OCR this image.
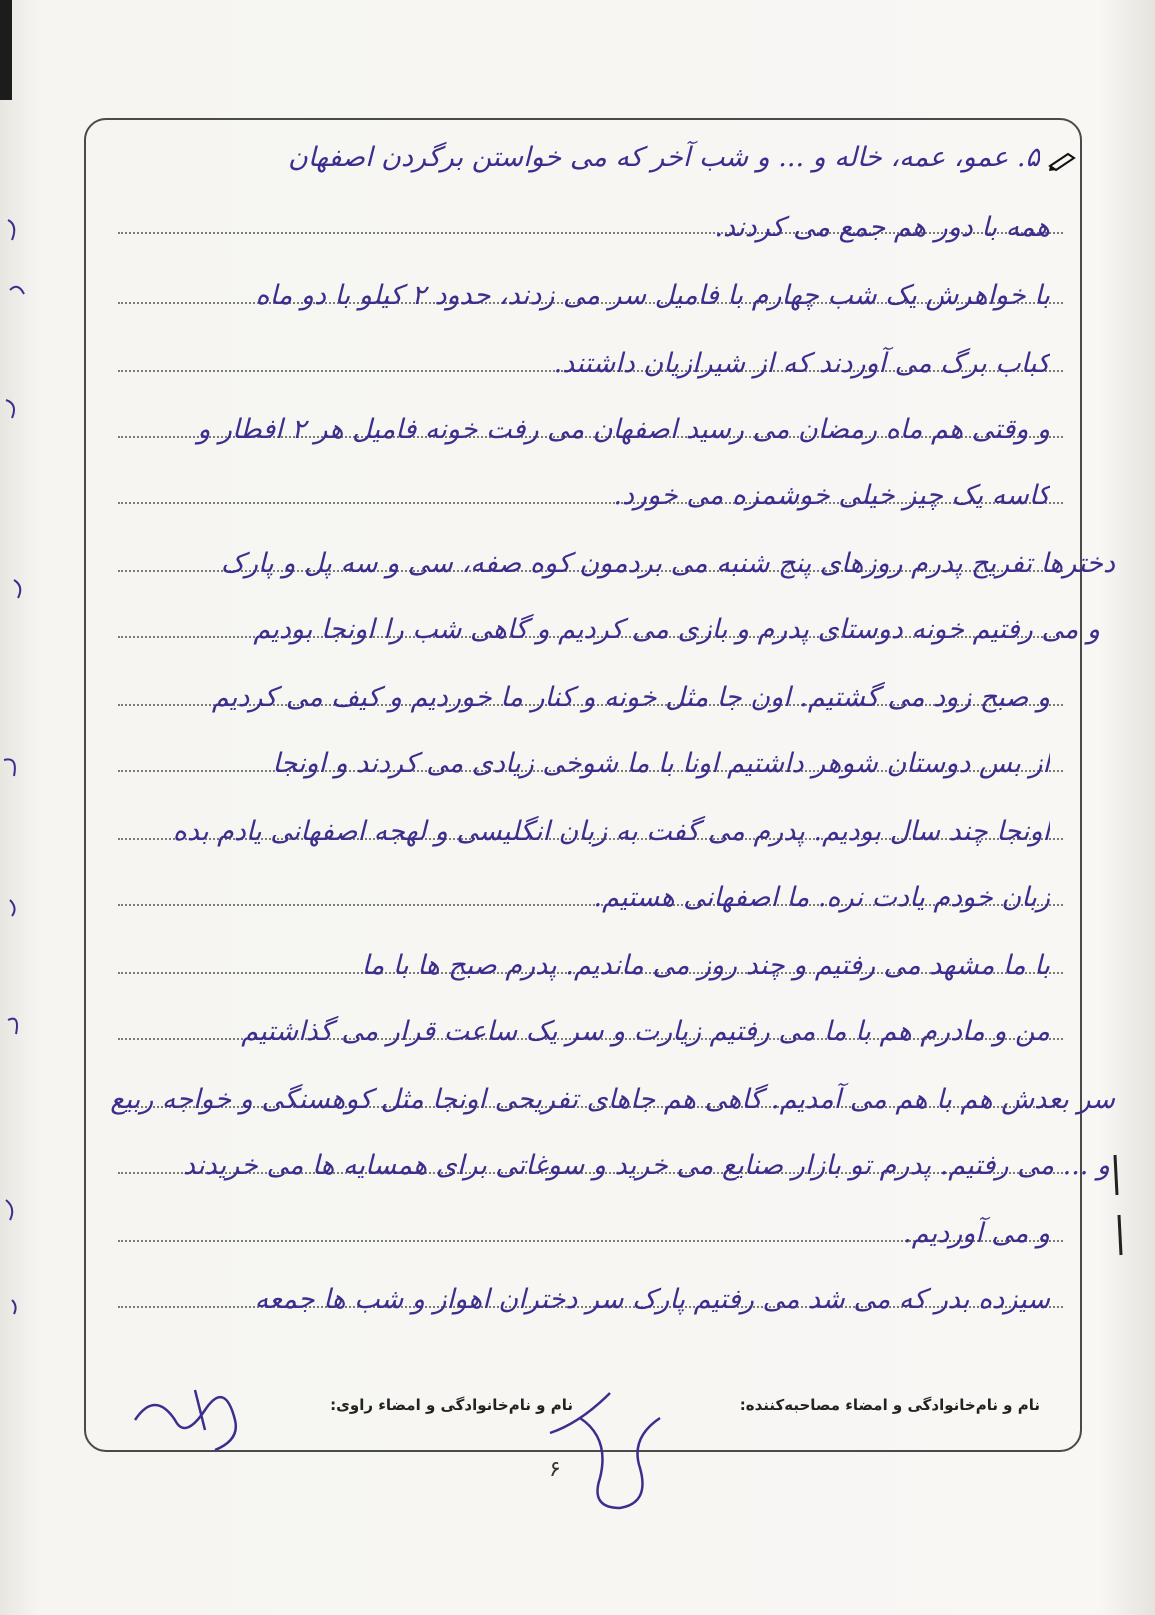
۵. عمو، عمه، خاله و ... و شب آخر که می خواستن برگردن اصفهان
همه با دور هم جمع می کردند.
با خواهرش یک شب چهارم با فامیل سر می زدند، حدود ۲ کیلو با دو ماه
کباب برگ می آوردند که از شیرازیان داشتند.
و وقتی هم ماه رمضان می رسید اصفهان می رفت خونه فامیل هر ۲ افطار و
کاسه یک چیز خیلی خوشمزه می خورد.
دخترها تفریح پدرم روزهای پنج شنبه می بردمون کوه صفه، سی و سه پل و پارک
و می رفتیم خونه دوستای پدرم و بازی می کردیم و گاهی شب را اونجا بودیم
و صبح زود می گشتیم. اون جا مثل خونه و کنار ما خوردیم و کیف می کردیم
از بس دوستان شوهر داشتیم اونا با ما شوخی زیادی می کردند و اونجا
اونجا چند سال بودیم. پدرم می گفت به زبان انگلیسی و لهجه اصفهانی یادم بده
زبان خودم یادت نره. ما اصفهانی هستیم.
با ما مشهد می رفتیم و چند روز می ماندیم. پدرم صبح ها با ما
من و مادرم هم با ما می رفتیم زیارت و سر یک ساعت قرار می گذاشتیم
سر بعدش هم با هم می آمدیم. گاهی هم جاهای تفریحی اونجا مثل کوهسنگی و خواجه ربیع
و ... می رفتیم. پدرم تو بازار صنایع می خرید و سوغاتی برای همسایه ها می خریدند
و می آوردیم.
سیزده بدر که می شد می رفتیم پارک سر دختران اهواز و شب ها جمعه
نام و نام‌خانوادگی و امضاء مصاحبه‌کننده:
نام و نام‌خانوادگی و امضاء راوی:
۶
